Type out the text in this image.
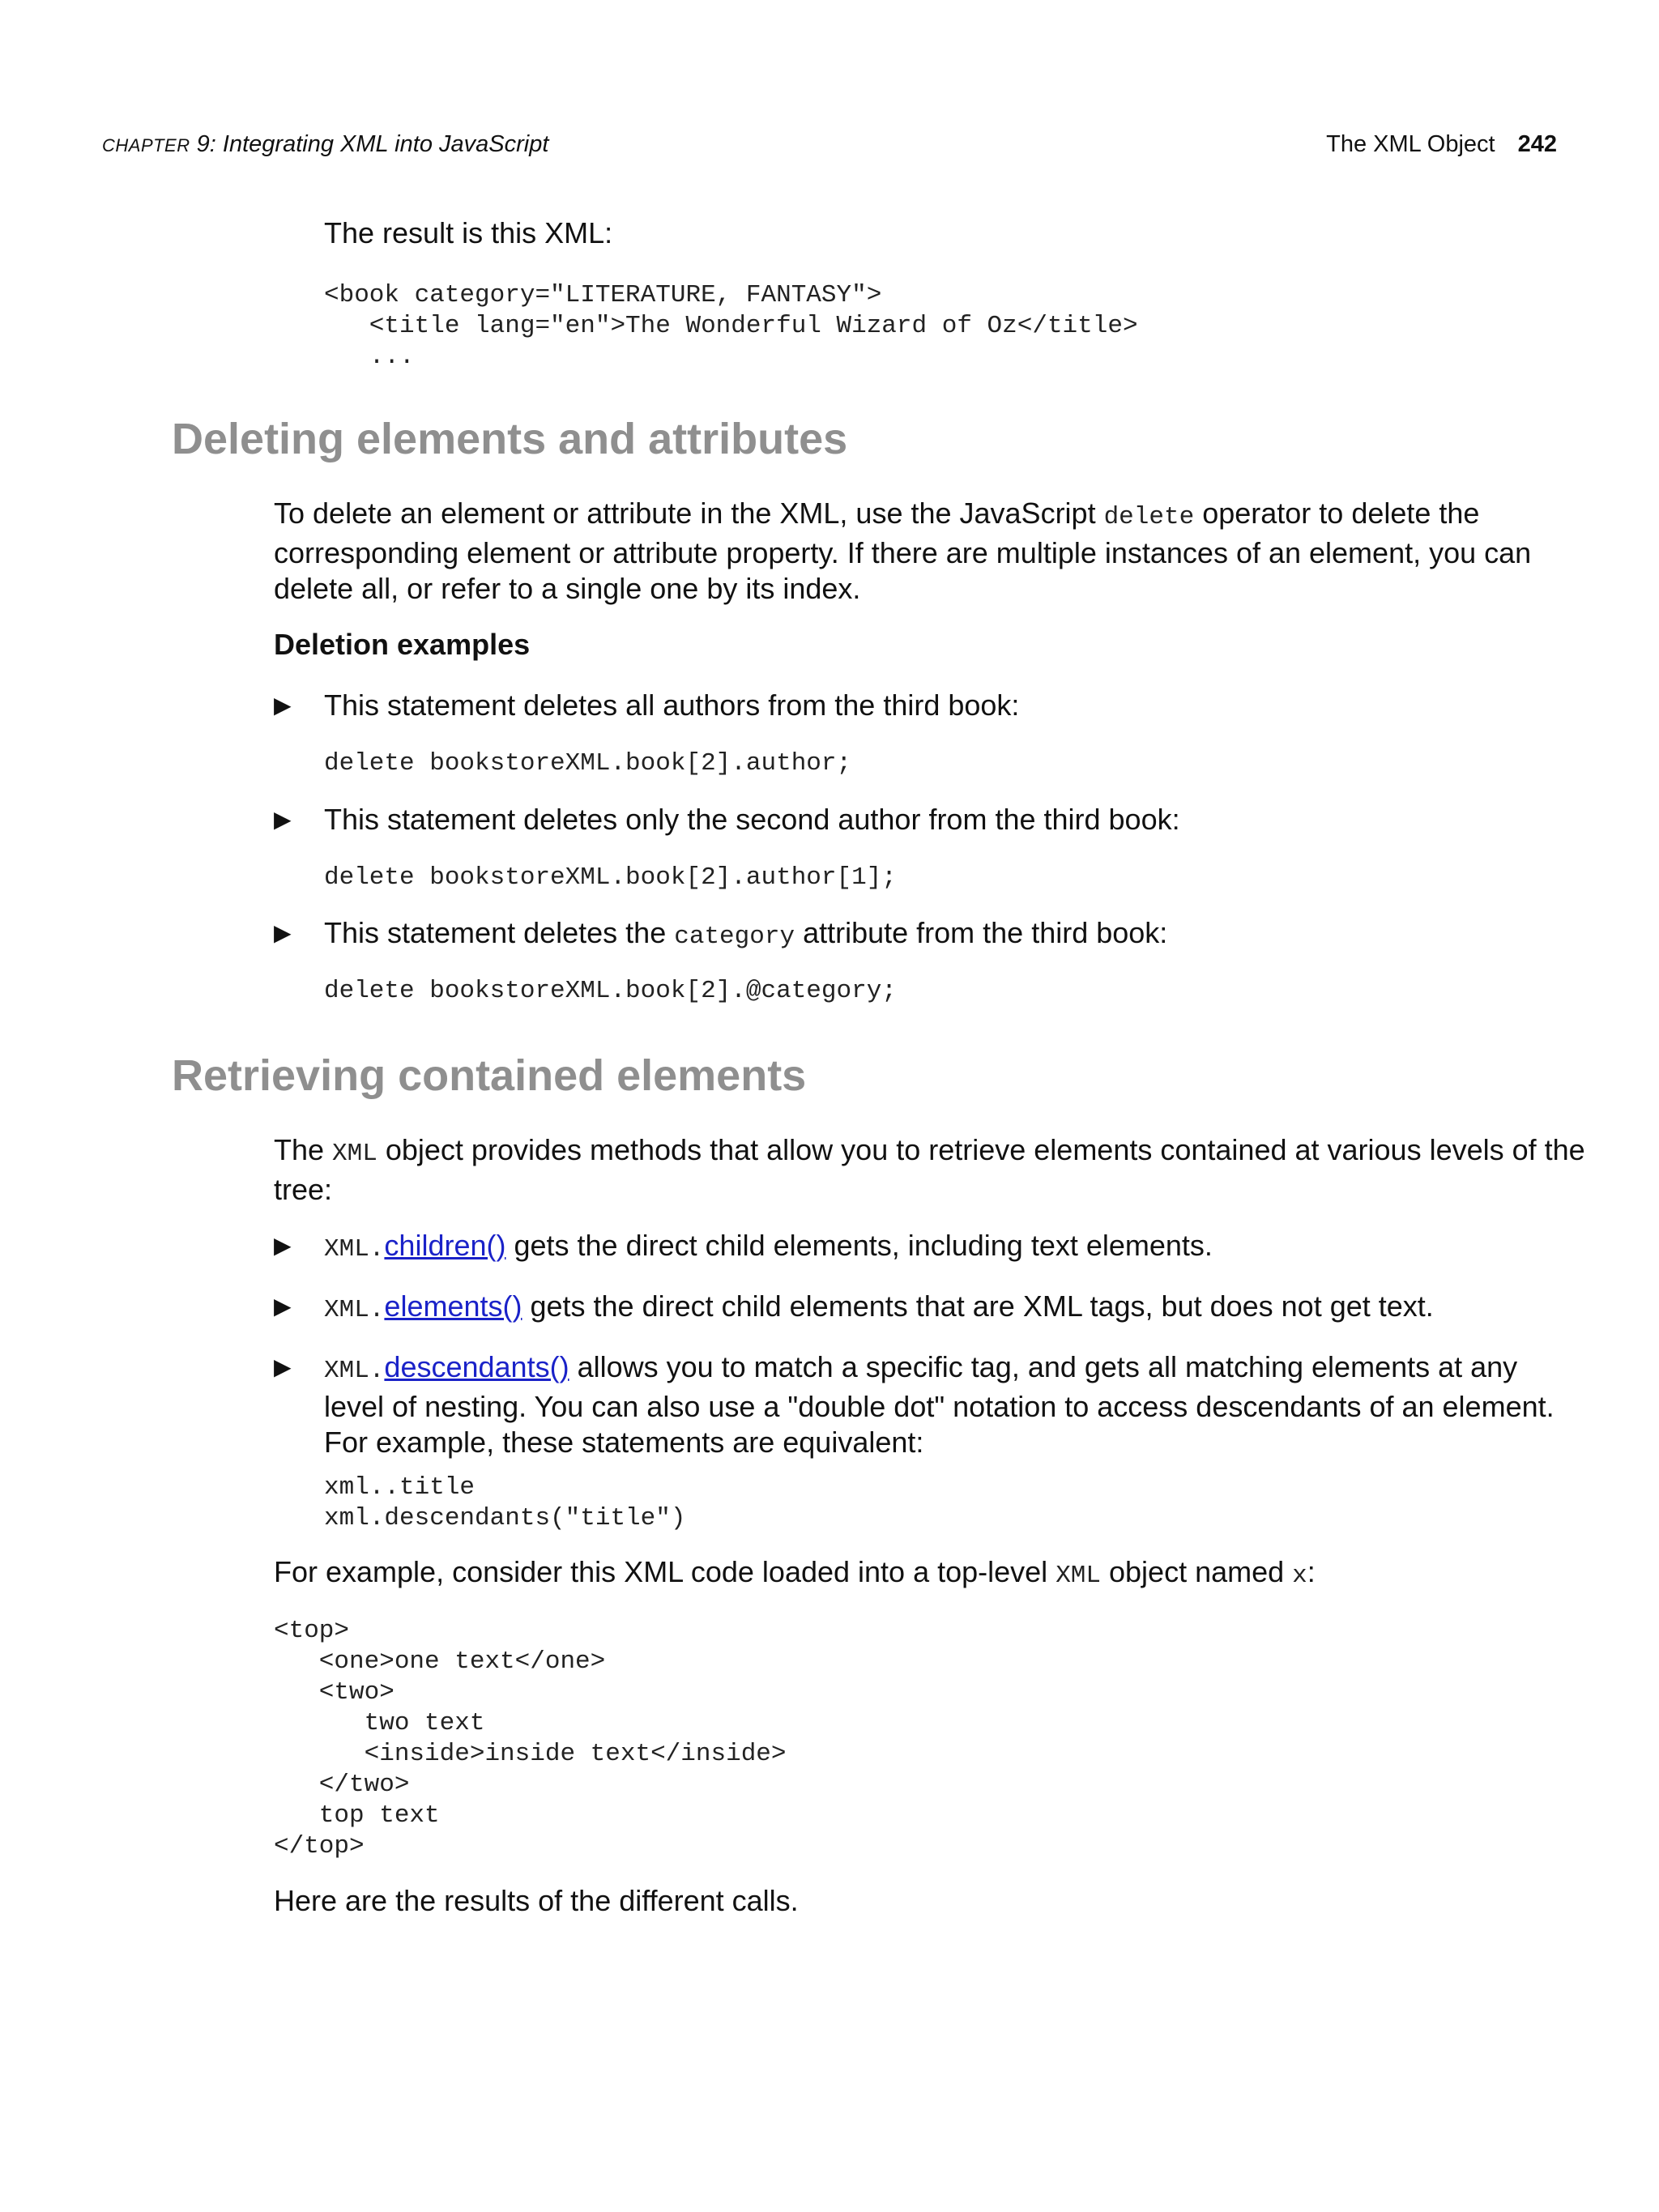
CHAPTER 9: Integrating XML into JavaScript	The XML Object 242
The result is this XML:
<book category="LITERATURE, FANTASY">
<title lang="en">The Wonderful Wizard of Oz</title>
...
Deleting elements and attributes
To delete an element or attribute in the XML, use the JavaScript delete operator to delete the corresponding element or attribute property. If there are multiple instances of an element, you can delete all, or refer to a single one by its index.
Deletion examples
▶ This statement deletes all authors from the third book:
delete bookstoreXML.book[2].author;
▶ This statement deletes only the second author from the third book:
delete bookstoreXML.book[2].author[1];
▶ This statement deletes the category attribute from the third book:
delete bookstoreXML.book[2].@category;
Retrieving contained elements
The XML object provides methods that allow you to retrieve elements contained at various levels of the tree:
▶ XML.children() gets the direct child elements, including text elements.
▶ XML.elements() gets the direct child elements that are XML tags, but does not get text.
▶ XML.descendants() allows you to match a specific tag, and gets all matching elements at any level of nesting. You can also use a "double dot" notation to access descendants of an element. For example, these statements are equivalent:
xml..title
xml.descendants("title")
For example, consider this XML code loaded into a top-level XML object named x:
<top>
<one>one text</one>
<two>
two text
<inside>inside text</inside>
</two>
top text
</top>
Here are the results of the different calls.
